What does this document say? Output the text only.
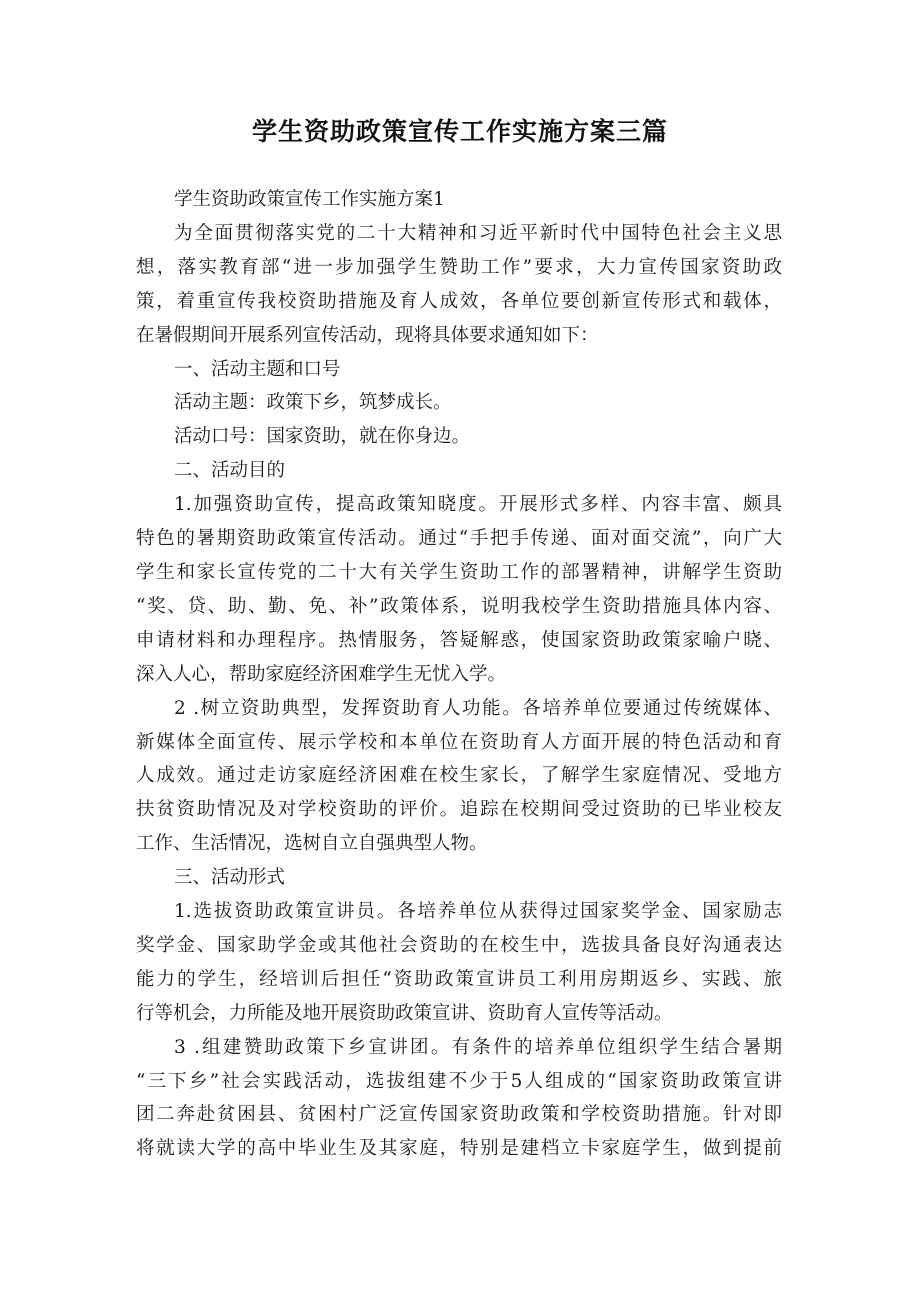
学生资助政策宣传工作实施方案三篇
学生资助政策宣传工作实施方案1
为全面贯彻落实党的二十大精神和习近平新时代中国特色社会主义思
想，落实教育部“进一步加强学生赞助工作”要求，大力宣传国家资助政
策，着重宣传我校资助措施及育人成效，各单位要创新宣传形式和载体，
在暑假期间开展系列宣传活动，现将具体要求通知如下：
一、活动主题和口号
活动主题：政策下乡，筑梦成长。
活动口号：国家资助，就在你身边。
二、活动目的
1.加强资助宣传，提高政策知晓度。开展形式多样、内容丰富、颇具
特色的暑期资助政策宣传活动。通过“手把手传递、面对面交流”，向广大
学生和家长宣传党的二十大有关学生资助工作的部署精神，讲解学生资助
“奖、贷、助、勤、免、补”政策体系，说明我校学生资助措施具体内容、
申请材料和办理程序。热情服务，答疑解惑，使国家资助政策家喻户晓、
深入人心，帮助家庭经济困难学生无忧入学。
2 .树立资助典型，发挥资助育人功能。各培养单位要通过传统媒体、
新媒体全面宣传、展示学校和本单位在资助育人方面开展的特色活动和育
人成效。通过走访家庭经济困难在校生家长，了解学生家庭情况、受地方
扶贫资助情况及对学校资助的评价。追踪在校期间受过资助的已毕业校友
工作、生活情况，选树自立自强典型人物。
三、活动形式
1.选拔资助政策宣讲员。各培养单位从获得过国家奖学金、国家励志
奖学金、国家助学金或其他社会资助的在校生中，选拔具备良好沟通表达
能力的学生，经培训后担任“资助政策宣讲员工利用房期返乡、实践、旅
行等机会，力所能及地开展资助政策宣讲、资助育人宣传等活动。
3 .组建赞助政策下乡宣讲团。有条件的培养单位组织学生结合暑期
“三下乡”社会实践活动，选拔组建不少于5人组成的“国家资助政策宣讲
团二奔赴贫困县、贫困村广泛宣传国家资助政策和学校资助措施。针对即
将就读大学的高中毕业生及其家庭，特别是建档立卡家庭学生，做到提前
